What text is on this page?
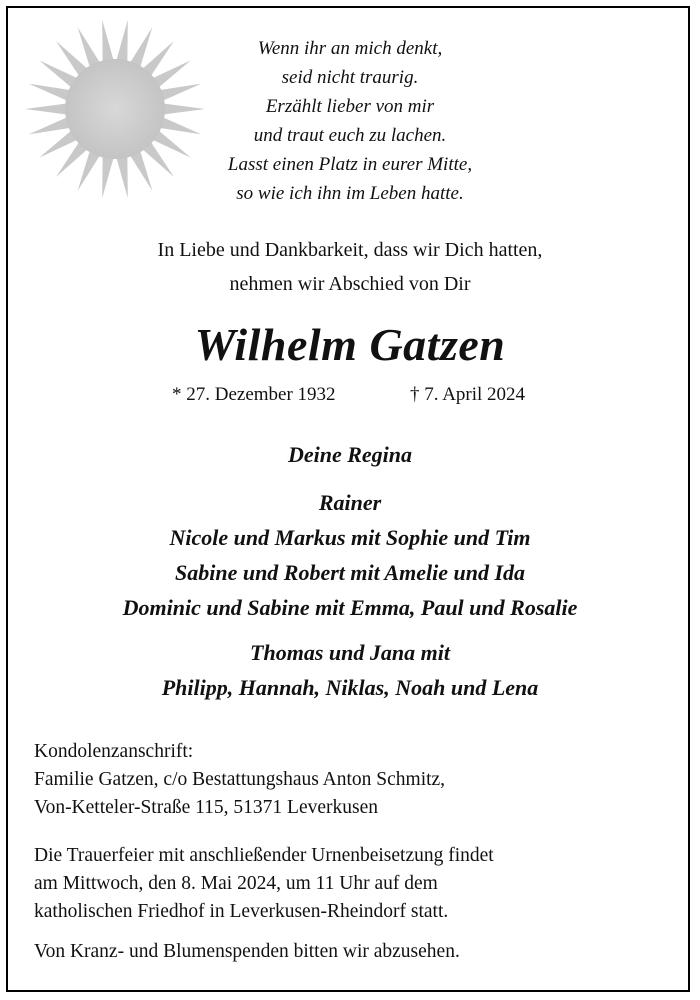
Wenn ihr an mich denkt,
seid nicht traurig.
Erzählt lieber von mir
und traut euch zu lachen.
Lasst einen Platz in eurer Mitte,
so wie ich ihn im Leben hatte.
In Liebe und Dankbarkeit, dass wir Dich hatten,
nehmen wir Abschied von Dir
Wilhelm Gatzen
* 27. Dezember 1932	† 7. April 2024
Deine Regina
Rainer
Nicole und Markus mit Sophie und Tim
Sabine und Robert mit Amelie und Ida
Dominic und Sabine mit Emma, Paul und Rosalie
Thomas und Jana mit
Philipp, Hannah, Niklas, Noah und Lena
Kondolenzanschrift:
Familie Gatzen, c/o Bestattungshaus Anton Schmitz,
Von-Ketteler-Straße 115, 51371 Leverkusen
Die Trauerfeier mit anschließender Urnenbeisetzung findet
am Mittwoch, den 8. Mai 2024, um 11 Uhr auf dem
katholischen Friedhof in Leverkusen-Rheindorf statt.
Von Kranz- und Blumenspenden bitten wir abzusehen.
